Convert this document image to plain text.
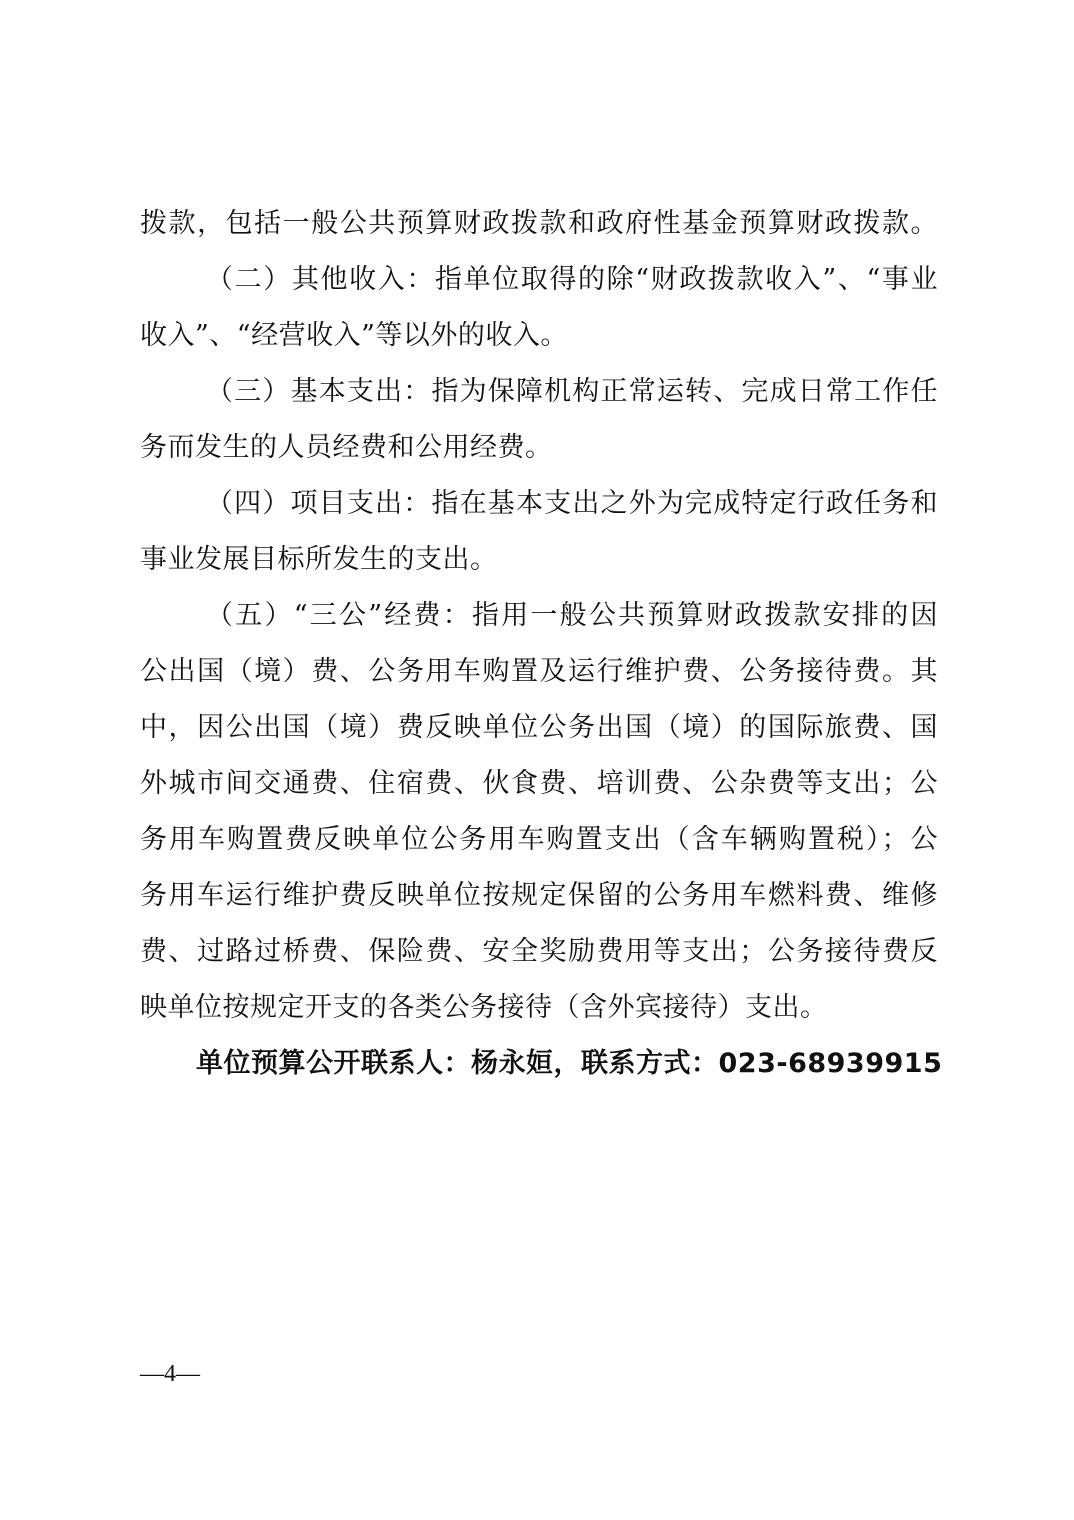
拨款，包括一般公共预算财政拨款和政府性基金预算财政拨款。
（二）其他收入：指单位取得的除“财政拨款收入”、“事业
收入”、“经营收入”等以外的收入。
（三）基本支出：指为保障机构正常运转、完成日常工作任
务而发生的人员经费和公用经费。
（四）项目支出：指在基本支出之外为完成特定行政任务和
事业发展目标所发生的支出。
（五）“三公”经费：指用一般公共预算财政拨款安排的因
公出国（境）费、公务用车购置及运行维护费、公务接待费。其
中，因公出国（境）费反映单位公务出国（境）的国际旅费、国
外城市间交通费、住宿费、伙食费、培训费、公杂费等支出；公
务用车购置费反映单位公务用车购置支出（含车辆购置税）；公
务用车运行维护费反映单位按规定保留的公务用车燃料费、维修
费、过路过桥费、保险费、安全奖励费用等支出；公务接待费反
映单位按规定开支的各类公务接待（含外宾接待）支出。
单位预算公开联系人：杨永姮，联系方式：023-68939915
—4—
